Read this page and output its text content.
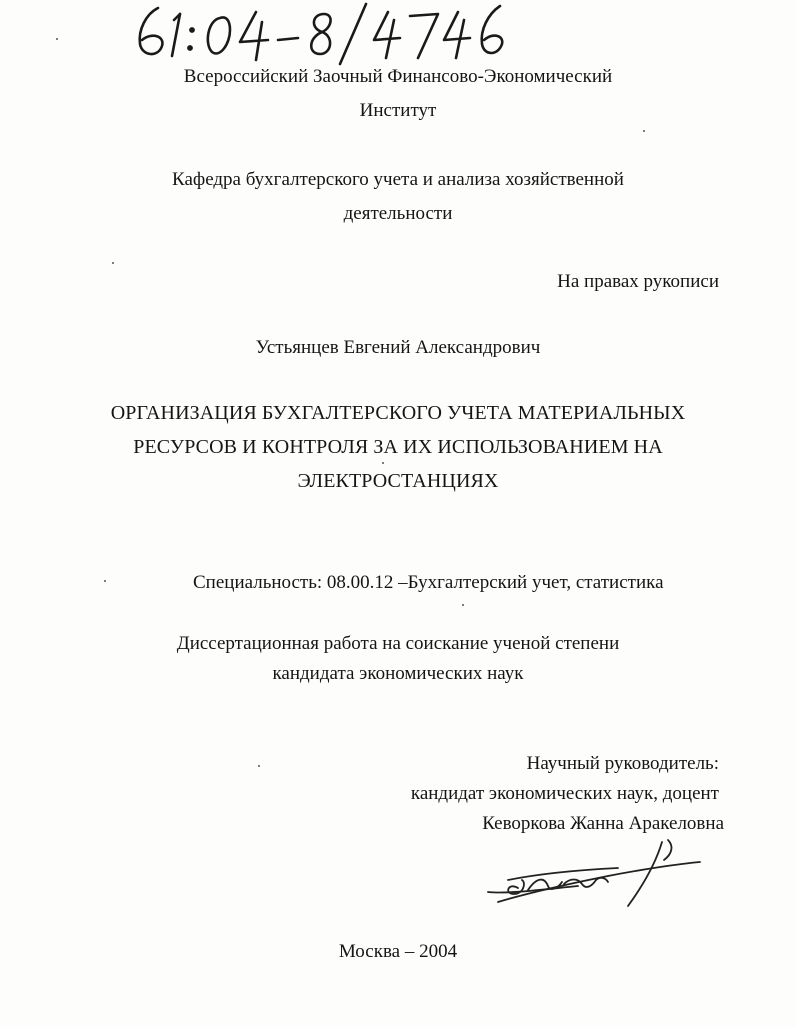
Всероссийский Заочный Финансово-Экономический
Институт
Кафедра бухгалтерского учета и анализа хозяйственной
деятельности
На правах рукописи
Устьянцев Евгений Александрович
ОРГАНИЗАЦИЯ БУХГАЛТЕРСКОГО УЧЕТА МАТЕРИАЛЬНЫХ
РЕСУРСОВ И КОНТРОЛЯ ЗА ИХ ИСПОЛЬЗОВАНИЕМ НА
ЭЛЕКТРОСТАНЦИЯХ
Специальность: 08.00.12 –Бухгалтерский учет, статистика
Диссертационная работа на соискание ученой степени
кандидата экономических наук
Научный руководитель:
кандидат экономических наук, доцент
Кеворкова Жанна Аракеловна
Москва – 2004
